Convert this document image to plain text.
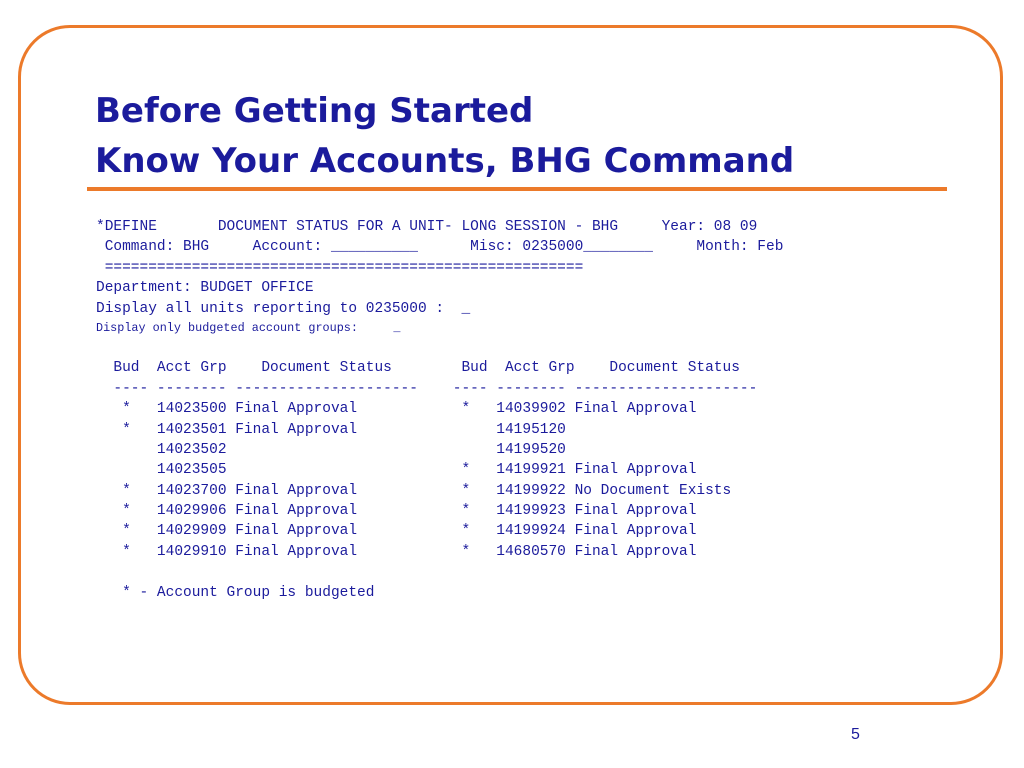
Before Getting Started
Know Your Accounts, BHG Command
*DEFINE       DOCUMENT STATUS FOR A UNIT- LONG SESSION - BHG     Year: 08 09
Command: BHG     Account: __________      Misc: 0235000________     Month: Feb
=======================================================
Department: BUDGET OFFICE
Display all units reporting to 0235000 :  _
Display only budgeted account groups:     _
Bud  Acct Grp    Document Status        Bud  Acct Grp    Document Status
---- -------- ---------------------    ---- -------- ---------------------
*   14023500 Final Approval            *   14039902 Final Approval
*   14023501 Final Approval                14195120
14023502                               14199520
14023505                           *   14199921 Final Approval
*   14023700 Final Approval            *   14199922 No Document Exists
*   14029906 Final Approval            *   14199923 Final Approval
*   14029909 Final Approval            *   14199924 Final Approval
*   14029910 Final Approval            *   14680570 Final Approval
* - Account Group is budgeted
5
